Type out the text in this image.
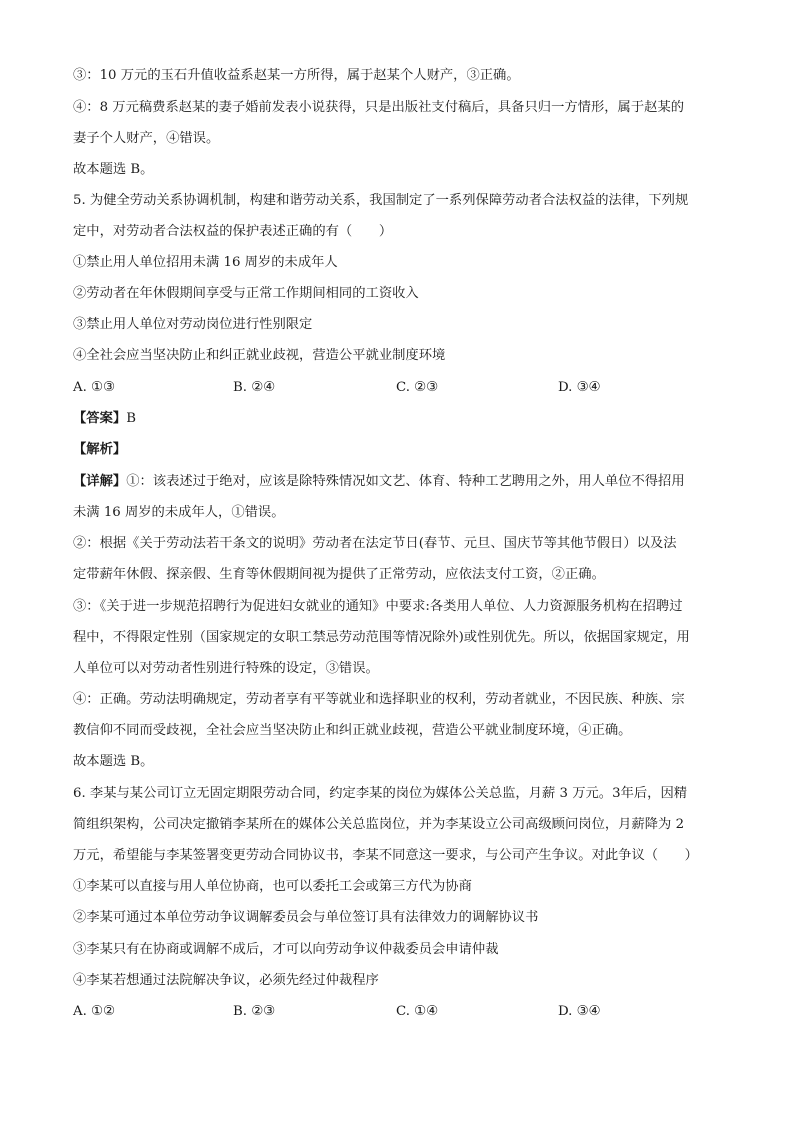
③：10 万元的玉石升值收益系赵某一方所得，属于赵某个人财产，③正确。
④：8 万元稿费系赵某的妻子婚前发表小说获得，只是出版社支付稿后，具备只归一方情形，属于赵某的
妻子个人财产，④错误。
故本题选 B。
5. 为健全劳动关系协调机制，构建和谐劳动关系，我国制定了一系列保障劳动者合法权益的法律，下列规
定中，对劳动者合法权益的保护表述正确的有（　　）
①禁止用人单位招用未满 16 周岁的未成年人
②劳动者在年休假期间享受与正常工作期间相同的工资收入
③禁止用人单位对劳动岗位进行性别限定
④全社会应当坚决防止和纠正就业歧视，营造公平就业制度环境
A. ①③	B. ②④	C. ②③	D. ③④
【答案】B
【解析】
【详解】①：该表述过于绝对，应该是除特殊情况如文艺、体育、特种工艺聘用之外，用人单位不得招用
未满 16 周岁的未成年人，①错误。
②：根据《关于劳动法若干条文的说明》劳动者在法定节日(春节、元旦、国庆节等其他节假日）以及法
定带薪年休假、探亲假、生育等休假期间视为提供了正常劳动，应依法支付工资，②正确。
③：《关于进一步规范招聘行为促进妇女就业的通知》中要求:各类用人单位、人力资源服务机构在招聘过
程中，不得限定性别（国家规定的女职工禁忌劳动范围等情况除外)或性别优先。所以，依据国家规定，用
人单位可以对劳动者性别进行特殊的设定，③错误。
④：正确。劳动法明确规定，劳动者享有平等就业和选择职业的权利，劳动者就业，不因民族、种族、宗
教信仰不同而受歧视，全社会应当坚决防止和纠正就业歧视，营造公平就业制度环境，④正确。
故本题选 B。
6. 李某与某公司订立无固定期限劳动合同，约定李某的岗位为媒体公关总监，月薪 3 万元。3年后，因精
简组织架构，公司决定撤销李某所在的媒体公关总监岗位，并为李某设立公司高级顾问岗位，月薪降为 2
万元，希望能与李某签署变更劳动合同协议书，李某不同意这一要求，与公司产生争议。对此争议（　　）
①李某可以直接与用人单位协商，也可以委托工会或第三方代为协商
②李某可通过本单位劳动争议调解委员会与单位签订具有法律效力的调解协议书
③李某只有在协商或调解不成后，才可以向劳动争议仲裁委员会申请仲裁
④李某若想通过法院解决争议，必须先经过仲裁程序
A. ①②	B. ②③	C. ①④	D. ③④
